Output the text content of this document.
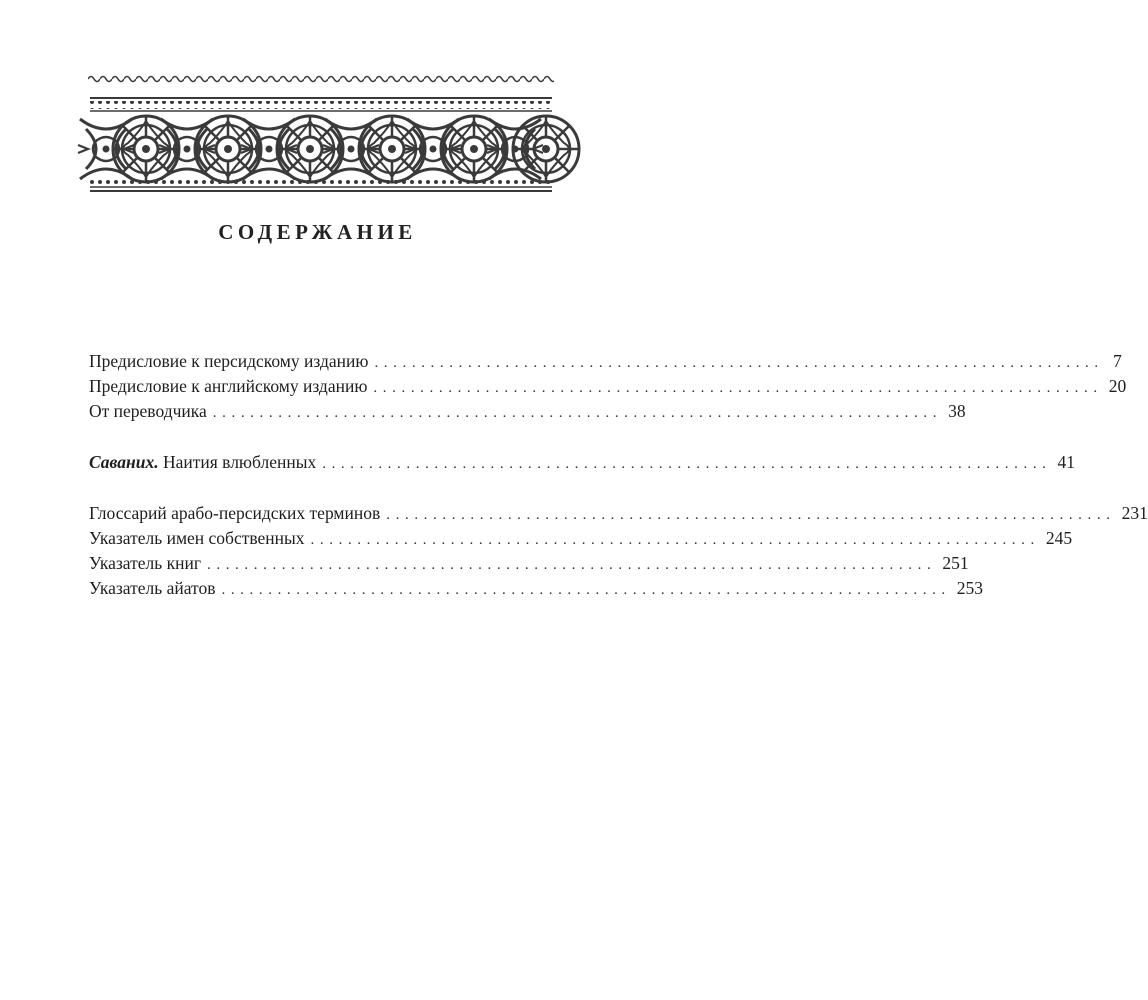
СОДЕРЖАНИЕ
Предисловие к персидскому изданию .............................................................................. 7
Предисловие к английскому изданию .............................................................................. 20
От переводчика .............................................................................. 38
Саваних. Наития влюбленных .............................................................................. 41
Глоссарий арабо-персидских терминов .............................................................................. 231
Указатель имен собственных .............................................................................. 245
Указатель книг .............................................................................. 251
Указатель айатов .............................................................................. 253
